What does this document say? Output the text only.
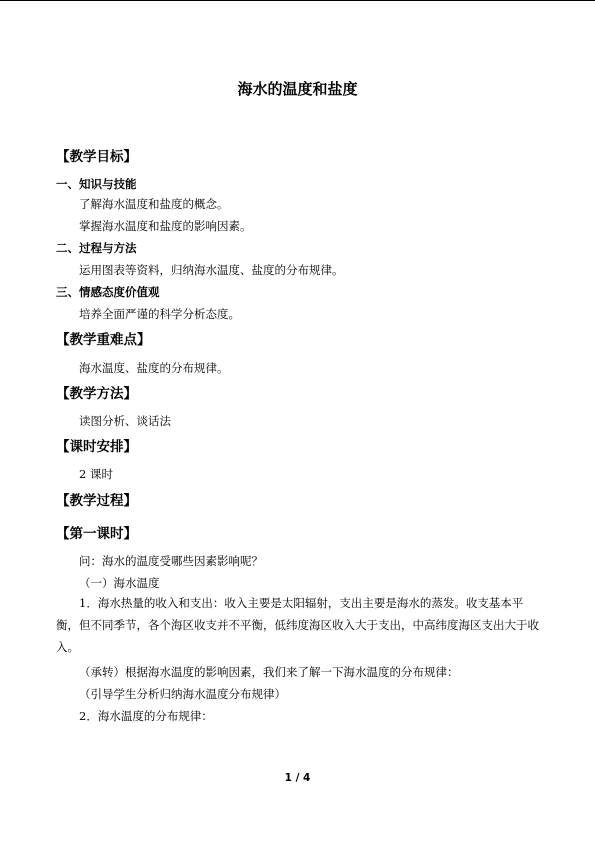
海水的温度和盐度
【教学目标】
一、知识与技能
了解海水温度和盐度的概念。
掌握海水温度和盐度的影响因素。
二、过程与方法
运用图表等资料，归纳海水温度、盐度的分布规律。
三、情感态度价值观
培养全面严谨的科学分析态度。
【教学重难点】
海水温度、盐度的分布规律。
【教学方法】
读图分析、谈话法
【课时安排】
2 课时
【教学过程】
【第一课时】
问：海水的温度受哪些因素影响呢？
（一）海水温度
1．海水热量的收入和支出：收入主要是太阳辐射，支出主要是海水的蒸发。收支基本平衡，但不同季节，各个海区收支并不平衡，低纬度海区收入大于支出，中高纬度海区支出大于收入。
（承转）根据海水温度的影响因素，我们来了解一下海水温度的分布规律：
（引导学生分析归纳海水温度分布规律）
2．海水温度的分布规律：
1 / 4
